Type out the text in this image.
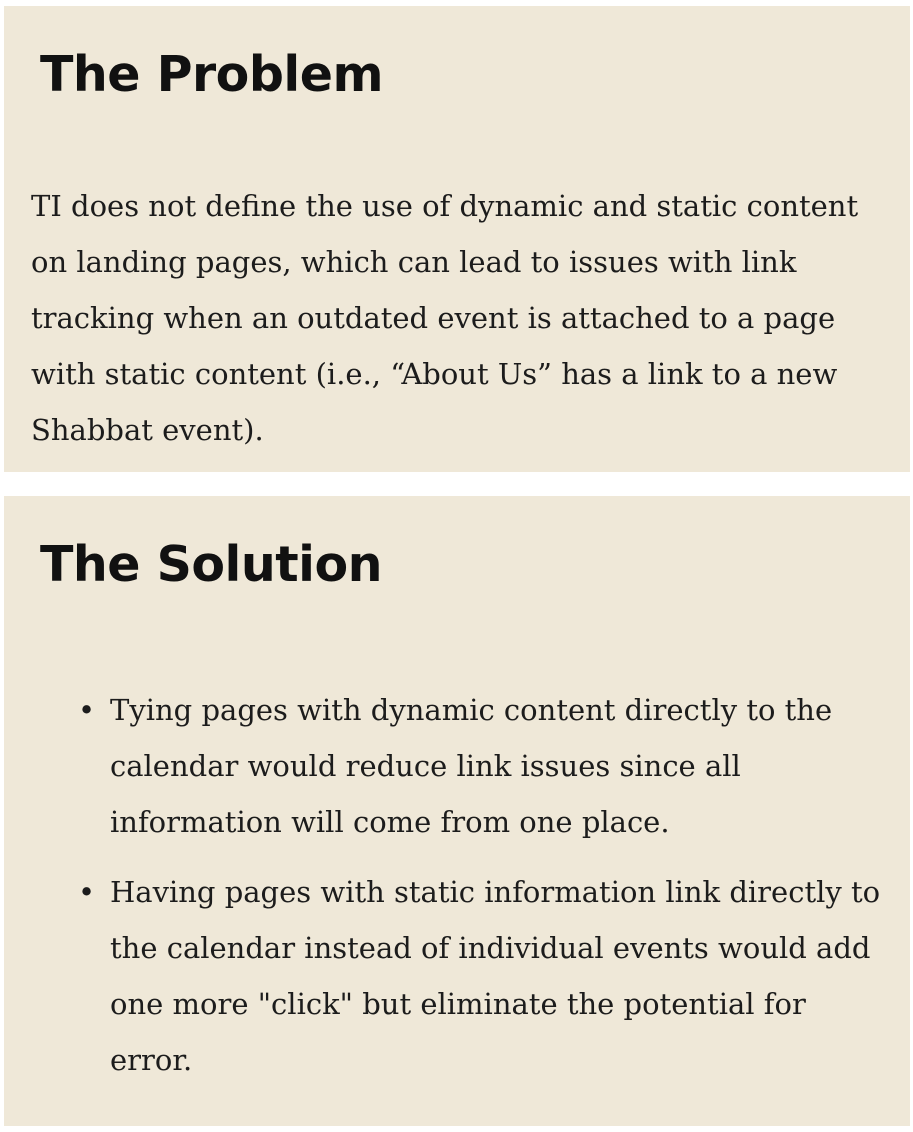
The Problem

TI does not define the use of dynamic and static content on landing pages, which can lead to issues with link tracking when an outdated event is attached to a page with static content (i.e., “About Us” has a link to a new Shabbat event).

The Solution
• Tying pages with dynamic content directly to the calendar would reduce link issues since all information will come from one place.
• Having pages with static information link directly to the calendar instead of individual events would add one more "click" but eliminate the potential for error.
